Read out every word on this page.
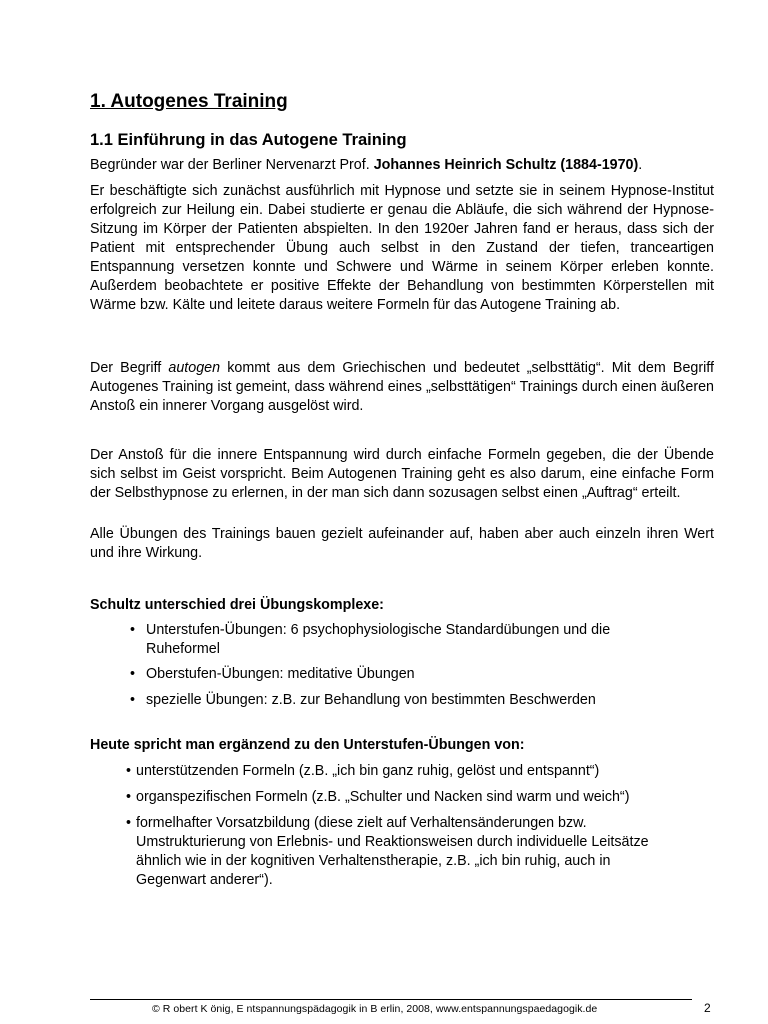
1. Autogenes Training
1.1 Einführung in das Autogene Training

Begründer war der Berliner Nervenarzt Prof. Johannes Heinrich Schultz (1884-1970).

Er beschäftigte sich zunächst ausführlich mit Hypnose und setzte sie in seinem Hypnose-Institut erfolgreich zur Heilung ein. Dabei studierte er genau die Abläufe, die sich während der Hypnose-Sitzung im Körper der Patienten abspielten. In den 1920er Jahren fand er heraus, dass sich der Patient mit entsprechender Übung auch selbst in den Zustand der tiefen, tranceartigen Entspannung versetzen konnte und Schwere und Wärme in seinem Körper erleben konnte. Außerdem beobachtete er positive Effekte der Behandlung von bestimmten Körperstellen mit Wärme bzw. Kälte und leitete daraus weitere Formeln für das Autogene Training ab.

Der Begriff autogen kommt aus dem Griechischen und bedeutet „selbsttätig“. Mit dem Begriff Autogenes Training ist gemeint, dass während eines „selbsttätigen“ Trainings durch einen äußeren Anstoß ein innerer Vorgang ausgelöst wird.

Der Anstoß für die innere Entspannung wird durch einfache Formeln gegeben, die der Übende sich selbst im Geist vorspricht. Beim Autogenen Training geht es also darum, eine einfache Form der Selbsthypnose zu erlernen, in der man sich dann sozusagen selbst einen „Auftrag“ erteilt.

Alle Übungen des Trainings bauen gezielt aufeinander auf, haben aber auch einzeln ihren Wert und ihre Wirkung.

Schultz unterschied drei Übungskomplexe:
• Unterstufen-Übungen: 6 psychophysiologische Standardübungen und die Ruheformel
• Oberstufen-Übungen: meditative Übungen
• spezielle Übungen: z.B. zur Behandlung von bestimmten Beschwerden
Heute spricht man ergänzend zu den Unterstufen-Übungen von:
• unterstützenden Formeln (z.B. „ich bin ganz ruhig, gelöst und entspannt“)
• organspezifischen Formeln (z.B. „Schulter und Nacken sind warm und weich“)
• formelhafter Vorsatzbildung (diese zielt auf Verhaltensänderungen bzw. Umstrukturierung von Erlebnis- und Reaktionsweisen durch individuelle Leitsätze ähnlich wie in der kognitiven Verhaltenstherapie, z.B. „ich bin ruhig, auch in Gegenwart anderer“).
© R obert K önig, E ntspannungspädagogik in B erlin, 2008, www.entspannungspaedagogik.de	2
